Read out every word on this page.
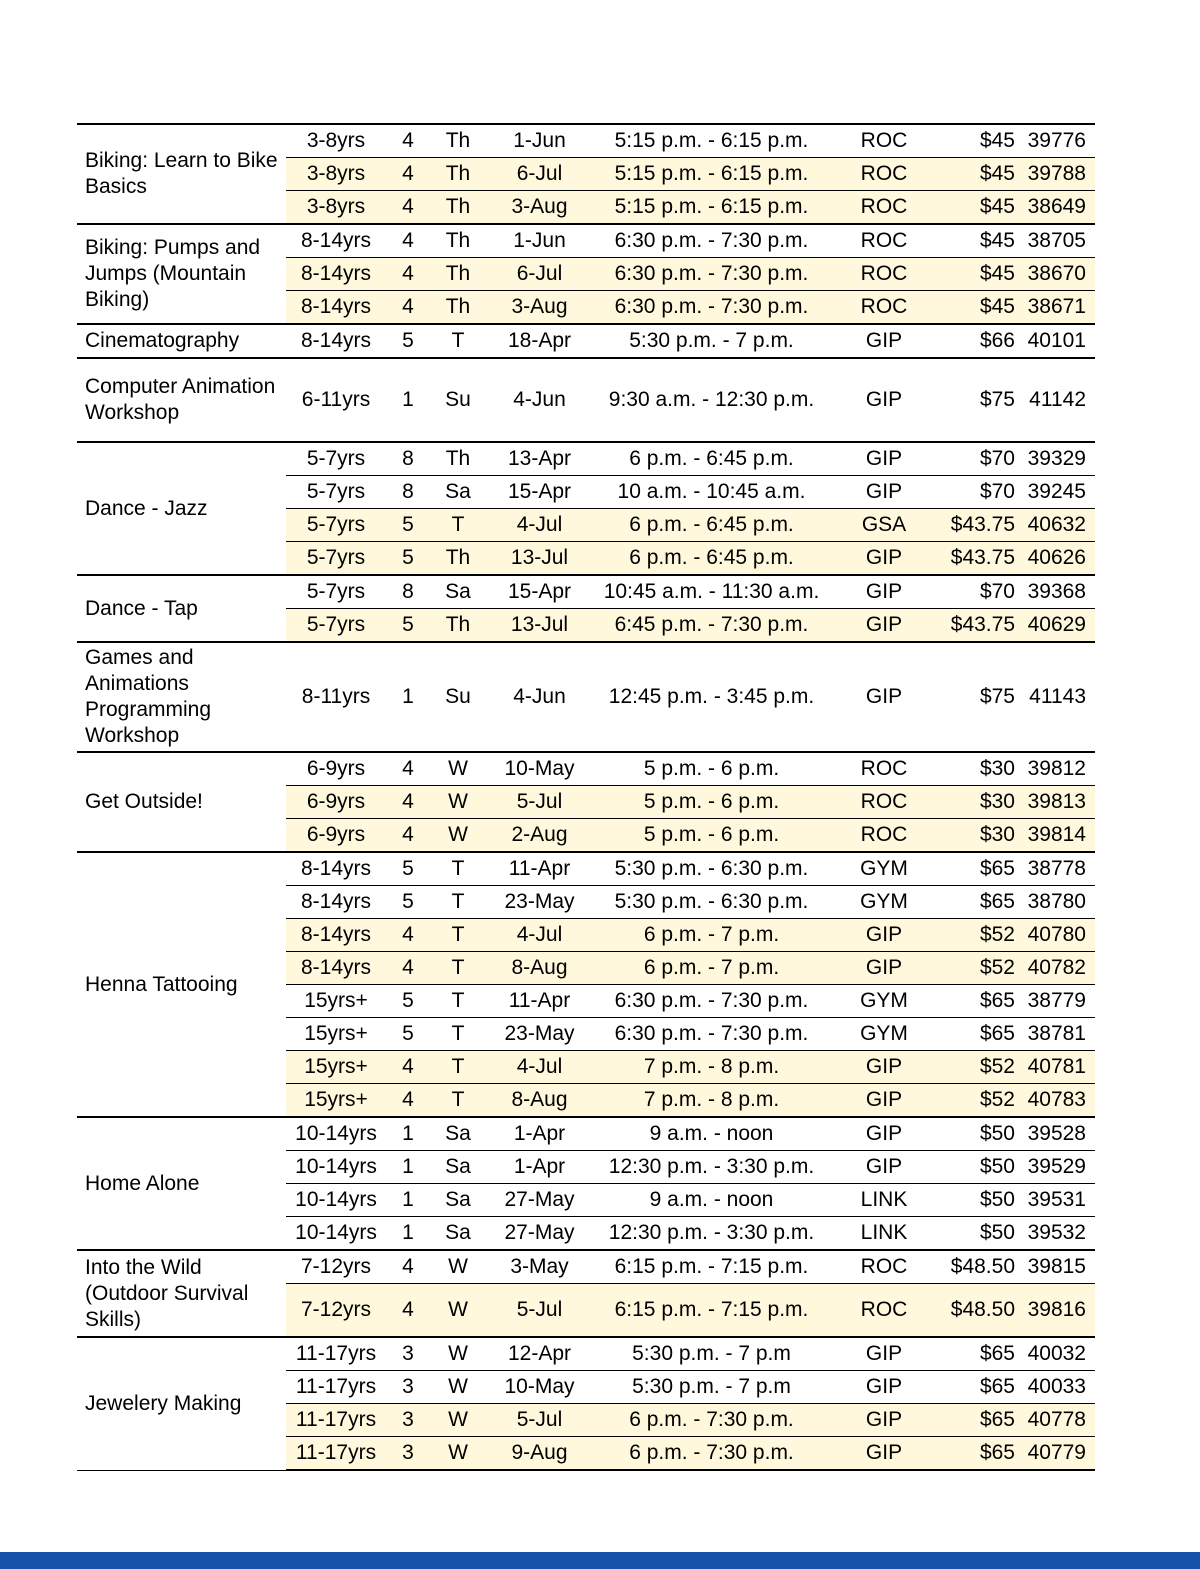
Biking: Learn to Bike Basics	3-8yrs	4	Th	1-Jun	5:15 p.m. - 6:15 p.m.	ROC	$45	39776
	3-8yrs	4	Th	6-Jul	5:15 p.m. - 6:15 p.m.	ROC	$45	39788
	3-8yrs	4	Th	3-Aug	5:15 p.m. - 6:15 p.m.	ROC	$45	38649
Biking: Pumps and Jumps (Mountain Biking)	8-14yrs	4	Th	1-Jun	6:30 p.m. - 7:30 p.m.	ROC	$45	38705
	8-14yrs	4	Th	6-Jul	6:30 p.m. - 7:30 p.m.	ROC	$45	38670
	8-14yrs	4	Th	3-Aug	6:30 p.m. - 7:30 p.m.	ROC	$45	38671
Cinematography	8-14yrs	5	T	18-Apr	5:30 p.m. - 7 p.m.	GIP	$66	40101
Computer Animation Workshop	6-11yrs	1	Su	4-Jun	9:30 a.m. - 12:30 p.m.	GIP	$75	41142
Dance - Jazz	5-7yrs	8	Th	13-Apr	6 p.m. - 6:45 p.m.	GIP	$70	39329
	5-7yrs	8	Sa	15-Apr	10 a.m. - 10:45 a.m.	GIP	$70	39245
	5-7yrs	5	T	4-Jul	6 p.m. - 6:45 p.m.	GSA	$43.75	40632
	5-7yrs	5	Th	13-Jul	6 p.m. - 6:45 p.m.	GIP	$43.75	40626
Dance - Tap	5-7yrs	8	Sa	15-Apr	10:45 a.m. - 11:30 a.m.	GIP	$70	39368
	5-7yrs	5	Th	13-Jul	6:45 p.m. - 7:30 p.m.	GIP	$43.75	40629
Games and Animations Programming Workshop	8-11yrs	1	Su	4-Jun	12:45 p.m. - 3:45 p.m.	GIP	$75	41143
Get Outside!	6-9yrs	4	W	10-May	5 p.m. - 6 p.m.	ROC	$30	39812
	6-9yrs	4	W	5-Jul	5 p.m. - 6 p.m.	ROC	$30	39813
	6-9yrs	4	W	2-Aug	5 p.m. - 6 p.m.	ROC	$30	39814
Henna Tattooing	8-14yrs	5	T	11-Apr	5:30 p.m. - 6:30 p.m.	GYM	$65	38778
	8-14yrs	5	T	23-May	5:30 p.m. - 6:30 p.m.	GYM	$65	38780
	8-14yrs	4	T	4-Jul	6 p.m. - 7 p.m.	GIP	$52	40780
	8-14yrs	4	T	8-Aug	6 p.m. - 7 p.m.	GIP	$52	40782
	15yrs+	5	T	11-Apr	6:30 p.m. - 7:30 p.m.	GYM	$65	38779
	15yrs+	5	T	23-May	6:30 p.m. - 7:30 p.m.	GYM	$65	38781
	15yrs+	4	T	4-Jul	7 p.m. - 8 p.m.	GIP	$52	40781
	15yrs+	4	T	8-Aug	7 p.m. - 8 p.m.	GIP	$52	40783
Home Alone	10-14yrs	1	Sa	1-Apr	9 a.m. - noon	GIP	$50	39528
	10-14yrs	1	Sa	1-Apr	12:30 p.m. - 3:30 p.m.	GIP	$50	39529
	10-14yrs	1	Sa	27-May	9 a.m. - noon	LINK	$50	39531
	10-14yrs	1	Sa	27-May	12:30 p.m. - 3:30 p.m.	LINK	$50	39532
Into the Wild (Outdoor Survival Skills)	7-12yrs	4	W	3-May	6:15 p.m. - 7:15 p.m.	ROC	$48.50	39815
	7-12yrs	4	W	5-Jul	6:15 p.m. - 7:15 p.m.	ROC	$48.50	39816
Jewelery Making	11-17yrs	3	W	12-Apr	5:30 p.m. - 7 p.m	GIP	$65	40032
	11-17yrs	3	W	10-May	5:30 p.m. - 7 p.m	GIP	$65	40033
	11-17yrs	3	W	5-Jul	6 p.m. - 7:30 p.m.	GIP	$65	40778
	11-17yrs	3	W	9-Aug	6 p.m. - 7:30 p.m.	GIP	$65	40779
